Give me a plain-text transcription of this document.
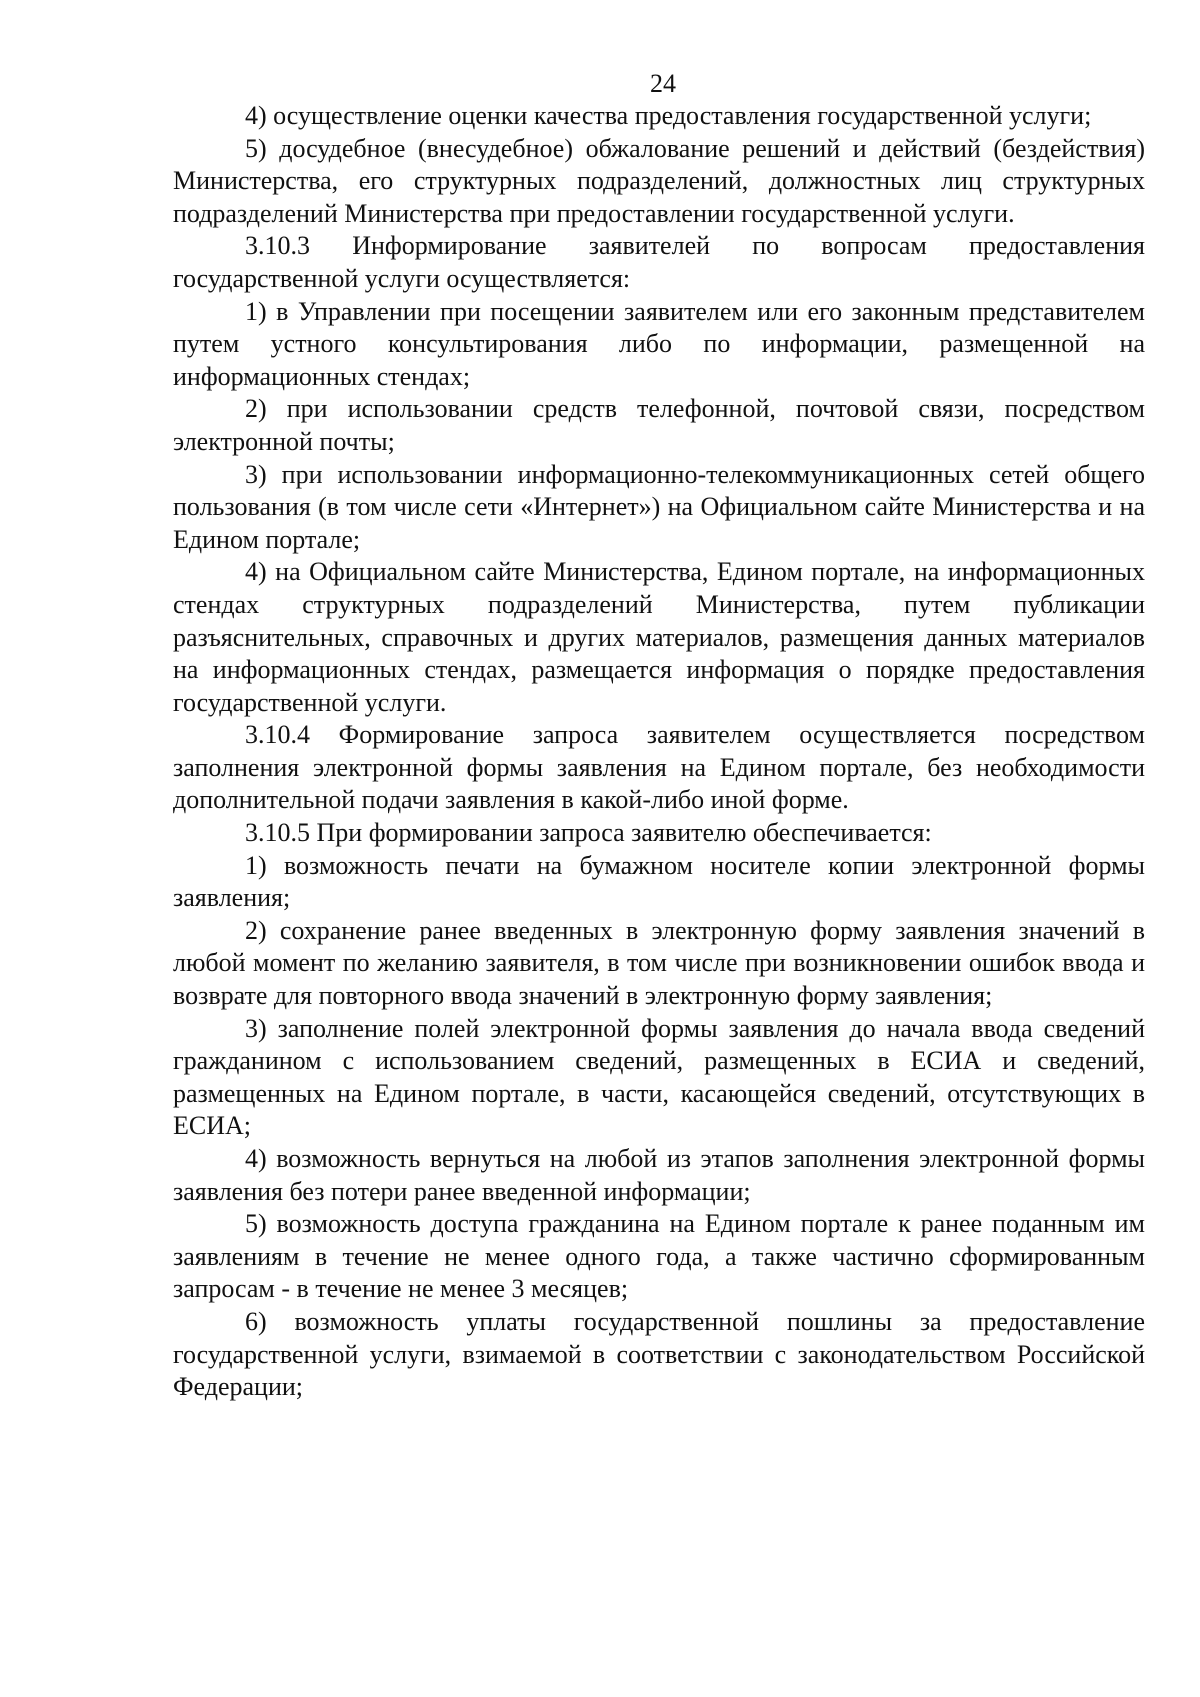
24

4) осуществление оценки качества предоставления государственной услуги;

5) досудебное (внесудебное) обжалование решений и действий (бездействия) Министерства, его структурных подразделений, должностных лиц структурных подразделений Министерства при предоставлении государственной услуги.

3.10.3 Информирование заявителей по вопросам предоставления государственной услуги осуществляется:

1) в Управлении при посещении заявителем или его законным представителем путем устного консультирования либо по информации, размещенной на информационных стендах;

2) при использовании средств телефонной, почтовой связи, посредством электронной почты;

3) при использовании информационно-телекоммуникационных сетей общего пользования (в том числе сети «Интернет») на Официальном сайте Министерства и на Едином портале;

4) на Официальном сайте Министерства, Едином портале, на информационных стендах структурных подразделений Министерства, путем публикации разъяснительных, справочных и других материалов, размещения данных материалов на информационных стендах, размещается информация о порядке предоставления государственной услуги.

3.10.4 Формирование запроса заявителем осуществляется посредством заполнения электронной формы заявления на Едином портале, без необходимости дополнительной подачи заявления в какой-либо иной форме.

3.10.5 При формировании запроса заявителю обеспечивается:

1) возможность печати на бумажном носителе копии электронной формы заявления;

2) сохранение ранее введенных в электронную форму заявления значений в любой момент по желанию заявителя, в том числе при возникновении ошибок ввода и возврате для повторного ввода значений в электронную форму заявления;

3) заполнение полей электронной формы заявления до начала ввода сведений гражданином с использованием сведений, размещенных в ЕСИА и сведений, размещенных на Едином портале, в части, касающейся сведений, отсутствующих в ЕСИА;

4) возможность вернуться на любой из этапов заполнения электронной формы заявления без потери ранее введенной информации;

5) возможность доступа гражданина на Едином портале к ранее поданным им заявлениям в течение не менее одного года, а также частично сформированным запросам - в течение не менее 3 месяцев;

6) возможность уплаты государственной пошлины за предоставление государственной услуги, взимаемой в соответствии с законодательством Российской Федерации;
